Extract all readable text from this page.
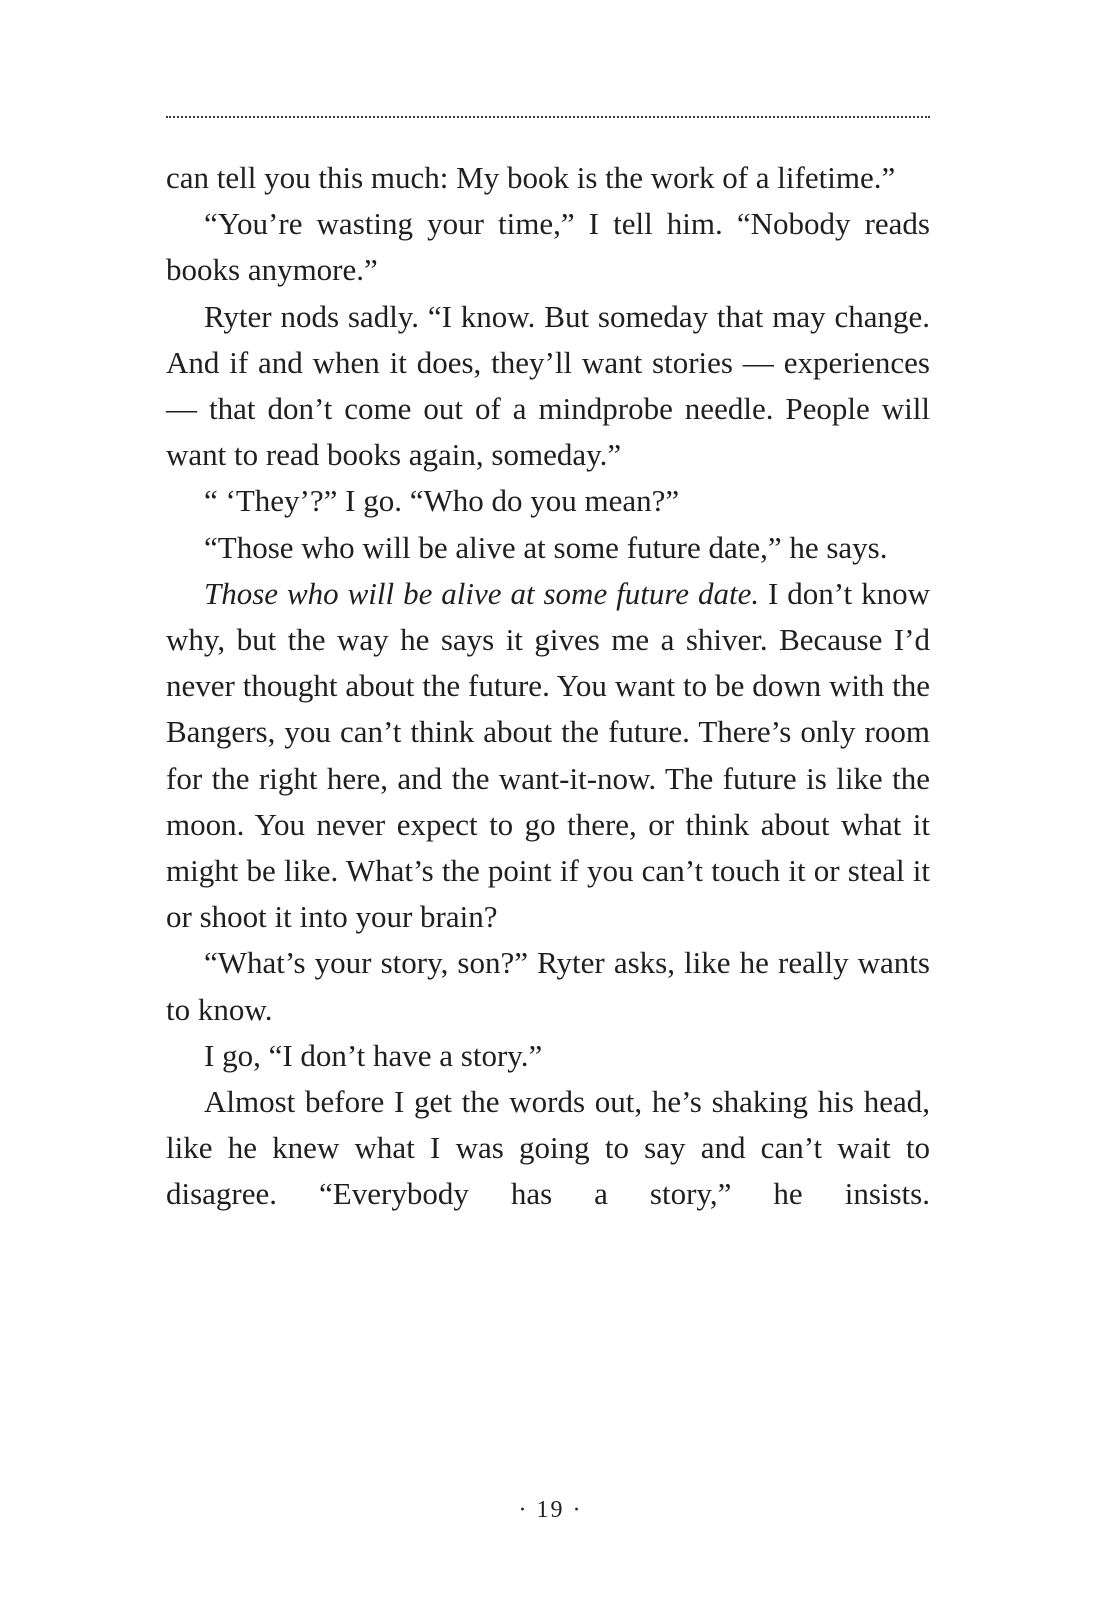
can tell you this much: My book is the work of a lifetime.”

“You’re wasting your time,” I tell him. “Nobody reads books anymore.”

Ryter nods sadly. “I know. But someday that may change. And if and when it does, they’ll want stories — experiences — that don’t come out of a mindprobe needle. People will want to read books again, someday.”

“ ‘They’?” I go. “Who do you mean?”

“Those who will be alive at some future date,” he says.

Those who will be alive at some future date. I don’t know why, but the way he says it gives me a shiver. Because I’d never thought about the future. You want to be down with the Bangers, you can’t think about the future. There’s only room for the right here, and the want-it-now. The future is like the moon. You never expect to go there, or think about what it might be like. What’s the point if you can’t touch it or steal it or shoot it into your brain?

“What’s your story, son?” Ryter asks, like he really wants to know.

I go, “I don’t have a story.”

Almost before I get the words out, he’s shaking his head, like he knew what I was going to say and can’t wait to disagree. “Everybody has a story,” he insists.

· 19 ·
